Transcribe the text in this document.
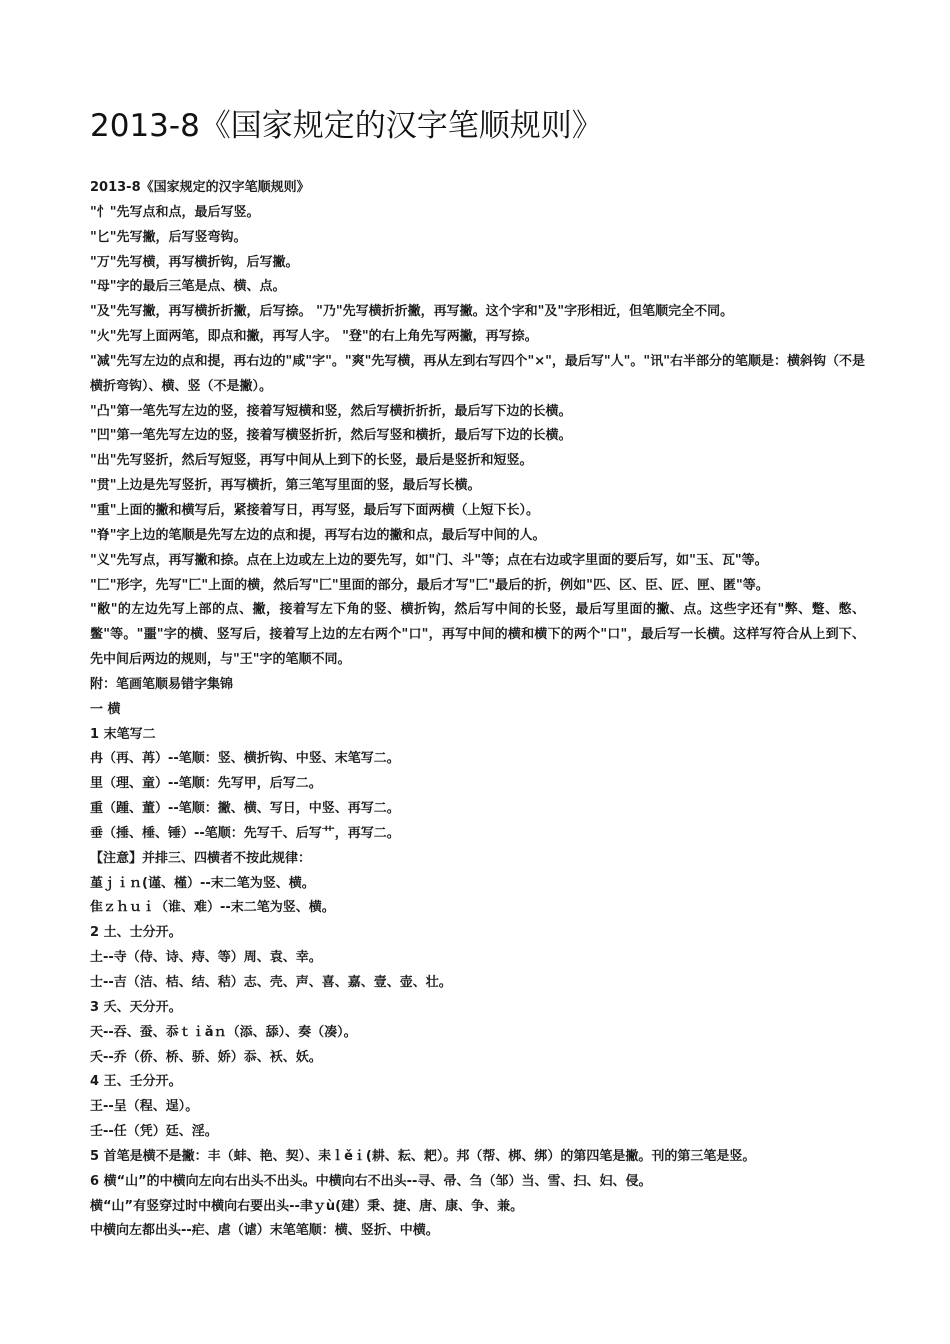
2013-8《国家规定的汉字笔顺规则》

2013-8《国家规定的汉字笔顺规则》

"忄"先写点和点，最后写竖。

"匕"先写撇，后写竖弯钩。

"万"先写横，再写横折钩，后写撇。

"母"字的最后三笔是点、横、点。

"及"先写撇，再写横折折撇，后写捺。 "乃"先写横折折撇，再写撇。这个字和"及"字形相近，但笔顺完全不同。

"火"先写上面两笔，即点和撇，再写人字。 "登"的右上角先写两撇，再写捺。

"减"先写左边的点和提，再右边的"咸"字"。"爽"先写横，再从左到右写四个"×"，最后写"人"。"讯"右半部分的笔顺是：横斜钩（不是横折弯钩）、横、竖（不是撇）。

"凸"第一笔先写左边的竖，接着写短横和竖，然后写横折折折，最后写下边的长横。

"凹"第一笔先写左边的竖，接着写横竖折折，然后写竖和横折，最后写下边的长横。

"出"先写竖折，然后写短竖，再写中间从上到下的长竖，最后是竖折和短竖。

"贯"上边是先写竖折，再写横折，第三笔写里面的竖，最后写长横。

"重"上面的撇和横写后，紧接着写日，再写竖，最后写下面两横（上短下长）。

"脊"字上边的笔顺是先写左边的点和提，再写右边的撇和点，最后写中间的人。

"义"先写点，再写撇和捺。点在上边或左上边的要先写，如"门、斗"等；点在右边或字里面的要后写，如"玉、瓦"等。

"匚"形字，先写"匚"上面的横，然后写"匚"里面的部分，最后才写"匚"最后的折，例如"匹、区、臣、匠、匣、匿"等。

"敝"的左边先写上部的点、撇，接着写左下角的竖、横折钩，然后写中间的长竖，最后写里面的撇、点。这些字还有"弊、蹩、憋、鳖"等。"噩"字的横、竖写后，接着写上边的左右两个"口"，再写中间的横和横下的两个"口"，最后写一长横。这样写符合从上到下、先中间后两边的规则，与"王"字的笔顺不同。

附：笔画笔顺易错字集锦

一 横

1 末笔写二

冉（再、苒）--笔顺：竖、横折钩、中竖、末笔写二。

里（理、童）--笔顺：先写甲，后写二。

重（踵、董）--笔顺：撇、横、写日，中竖、再写二。

垂（捶、棰、锤）--笔顺：先写千、后写艹，再写二。

【注意】并排三、四横者不按此规律：

堇ｊｉｎ(谨、槿）--末二笔为竖、横。

隹ｚｈｕｉ（谁、难）--末二笔为竖、横。

2 土、士分开。

土--寺（侍、诗、痔、等）周、袁、幸。

士--吉（洁、桔、结、秸）志、壳、声、喜、嘉、壹、壶、壮。

3 夭、天分开。

天--吞、蚕、忝ｔｉǎｎ（添、舔）、奏（凑）。

夭--乔（侨、桥、骄、娇）忝、袄、妖。

4 王、壬分开。

王--呈（程、逞）。

壬--任（凭）廷、淫。

5 首笔是横不是撇：丰（蚌、艳、契）、耒ｌěｉ(耕、耘、耙）。邦（帮、梆、绑）的第四笔是撇。刊的第三笔是竖。

6 横“山”的中横向左向右出头不出头。中横向右不出头--寻、帚、刍（邹）当、雪、扫、妇、侵。

横“山”有竖穿过时中横向右要出头--聿ｙù(建）秉、捷、唐、康、争、兼。

中横向左都出头--疟、虐（谑）末笔笔顺：横、竖折、中横。
